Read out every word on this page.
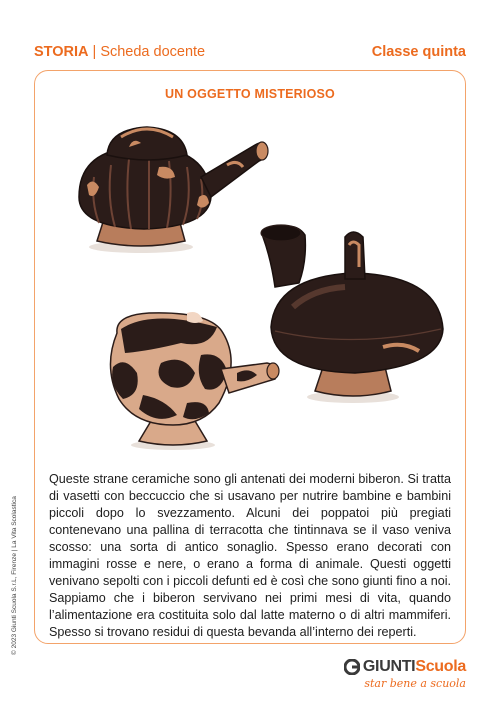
STORIA | Scheda docente	Classe quinta
UN OGGETTO MISTERIOSO

Queste strane ceramiche sono gli antenati dei moderni biberon. Si tratta di vasetti con beccuccio che si usavano per nutrire bambine e bambini piccoli dopo lo svezzamento. Alcuni dei poppatoi più pregiati contenevano una pallina di terracotta che tintinnava se il vaso veniva scosso: una sorta di antico sonaglio. Spesso erano decorati con immagini rosse e nere, o erano a forma di animale. Questi oggetti venivano sepolti con i piccoli defunti ed è così che sono giunti fino a noi. Sappiamo che i biberon servivano nei primi mesi di vita, quando l’alimentazione era costituita solo dal latte materno o di altri mammiferi. Spesso si trovano residui di questa bevanda all’interno dei reperti.

© 2023 Giunti Scuola S.r.L, Firenze | La Vita Scolastica
GIUNTIScuola
star bene a scuola
